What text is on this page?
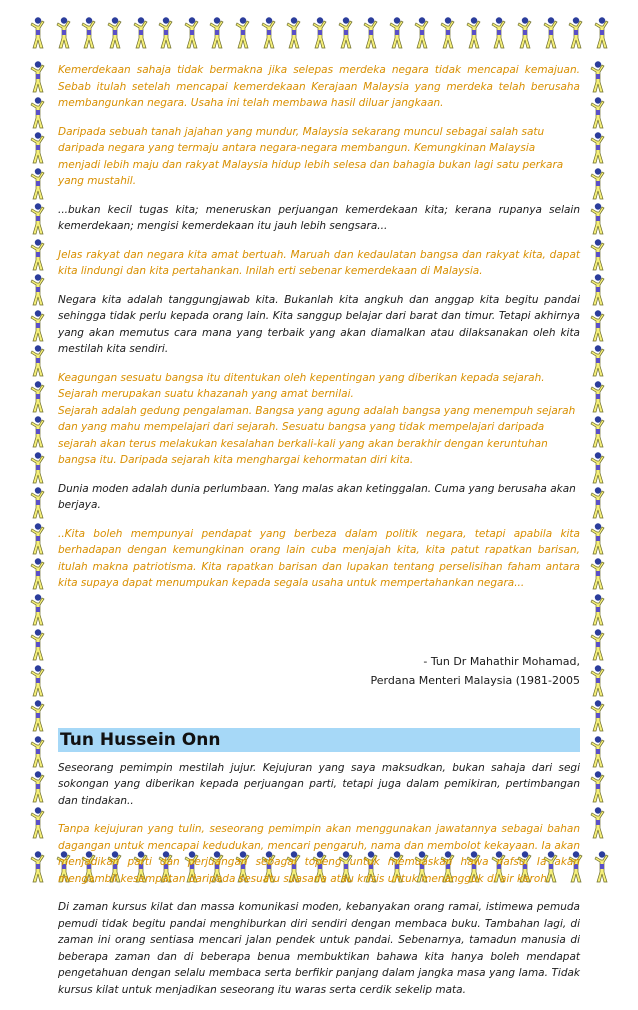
Kemerdekaan sahaja tidak bermakna jika selepas merdeka negara tidak mencapai kemajuan. Sebab itulah setelah mencapai kemerdekaan Kerajaan Malaysia yang merdeka telah berusaha membangunkan negara. Usaha ini telah membawa hasil diluar jangkaan.

Daripada sebuah tanah jajahan yang mundur, Malaysia sekarang muncul sebagai salah satu daripada negara yang termaju antara negara-negara membangun. Kemungkinan Malaysia menjadi lebih maju dan rakyat Malaysia hidup lebih selesa dan bahagia bukan lagi satu perkara yang mustahil.

...bukan kecil tugas kita; meneruskan perjuangan kemerdekaan kita; kerana rupanya selain kemerdekaan; mengisi kemerdekaan itu jauh lebih sengsara...

Jelas rakyat dan negara kita amat bertuah. Maruah dan kedaulatan bangsa dan rakyat kita, dapat kita lindungi dan kita pertahankan. Inilah erti sebenar kemerdekaan di Malaysia.

Negara kita adalah tanggungjawab kita. Bukanlah kita angkuh dan anggap kita begitu pandai sehingga tidak perlu kepada orang lain. Kita sanggup belajar dari barat dan timur. Tetapi akhirnya yang akan memutus cara mana yang terbaik yang akan diamalkan atau dilaksanakan oleh kita mestilah kita sendiri.

Keagungan sesuatu bangsa itu ditentukan oleh kepentingan yang diberikan kepada sejarah. Sejarah merupakan suatu khazanah yang amat bernilai.

Sejarah adalah gedung pengalaman. Bangsa yang agung adalah bangsa yang menempuh sejarah dan yang mahu mempelajari dari sejarah. Sesuatu bangsa yang tidak mempelajari daripada sejarah akan terus melakukan kesalahan berkali-kali yang akan berakhir dengan keruntuhan bangsa itu. Daripada sejarah kita menghargai kehormatan diri kita.

Dunia moden adalah dunia perlumbaan. Yang malas akan ketinggalan. Cuma yang berusaha akan berjaya.

..Kita boleh mempunyai pendapat yang berbeza dalam politik negara, tetapi apabila kita berhadapan dengan kemungkinan orang lain cuba menjajah kita, kita patut rapatkan barisan, itulah makna patriotisma. Kita rapatkan barisan dan lupakan tentang perselisihan faham antara kita supaya dapat menumpukan kepada segala usaha untuk mempertahankan negara...

- Tun Dr Mahathir Mohamad,
Perdana Menteri Malaysia (1981-2005
Tun Hussein Onn

Seseorang pemimpin mestilah jujur. Kejujuran yang saya maksudkan, bukan sahaja dari segi sokongan yang diberikan kepada perjuangan parti, tetapi juga dalam pemikiran, pertimbangan dan tindakan..

Tanpa kejujuran yang tulin, seseorang pemimpin akan menggunakan jawatannya sebagai bahan dagangan untuk mencapai kedudukan, mencari pengaruh, nama dan membolot kekayaan. Ia akan menjadikan parti dan perjuangan sebagai topeng untuk memuaskan hawa nafsu. Ia akan mengambil kesempatan daripada sesuatu suasana atau krisis untuk menangguk di air keroh.

Di zaman kursus kilat dan massa komunikasi moden, kebanyakan orang ramai, istimewa pemuda pemudi tidak begitu pandai menghiburkan diri sendiri dengan membaca buku. Tambahan lagi, di zaman ini orang sentiasa mencari jalan pendek untuk pandai. Sebenarnya, tamadun manusia di beberapa zaman dan di beberapa benua membuktikan bahawa kita hanya boleh mendapat pengetahuan dengan selalu membaca serta berfikir panjang dalam jangka masa yang lama. Tidak kursus kilat untuk menjadikan seseorang itu waras serta cerdik sekelip mata.
